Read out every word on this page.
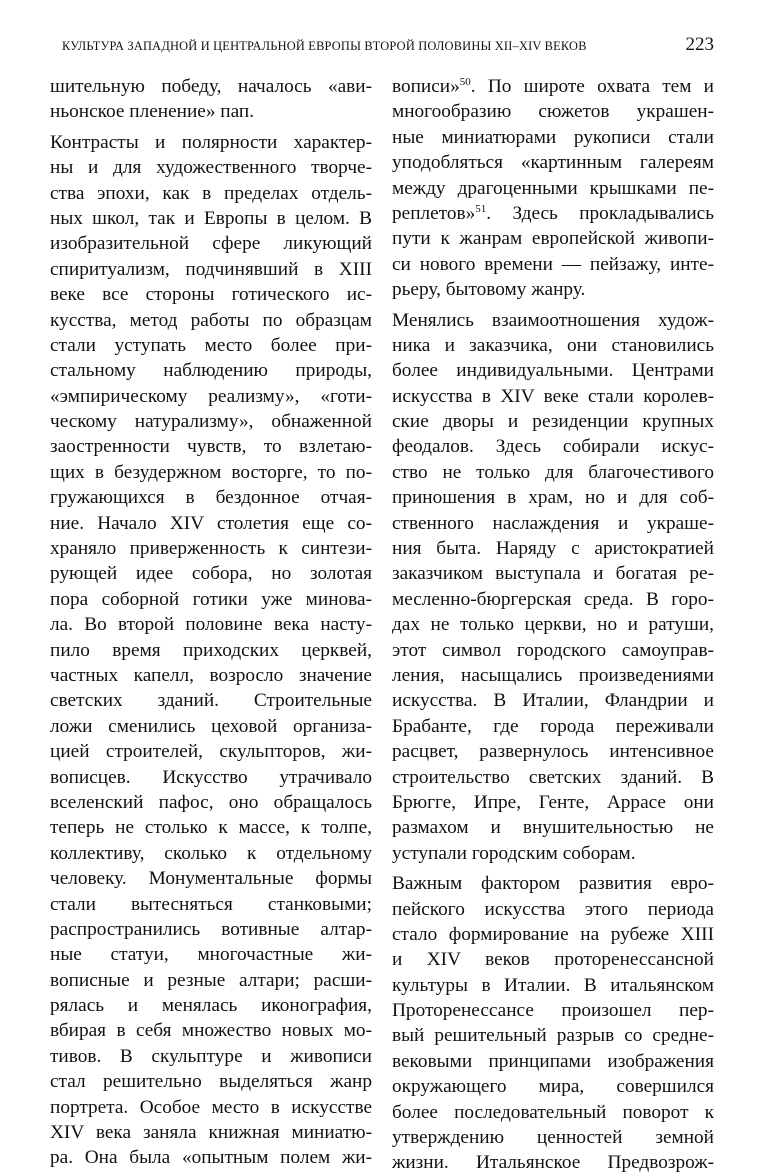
КУЛЬТУРА ЗАПАДНОЙ И ЦЕНТРАЛЬНОЙ ЕВРОПЫ ВТОРОЙ ПОЛОВИНЫ XII–XIV ВЕКОВ	223
шительную победу, началось «ави-
ньонское пленение» пап.
Контрасты и полярности характер-
ны и для художественного творче-
ства эпохи, как в пределах отдель-
ных школ, так и Европы в целом. В
изобразительной сфере ликующий
спиритуализм, подчинявший в XIII
веке все стороны готического ис-
кусства, метод работы по образцам
стали уступать место более при-
стальному наблюдению природы,
«эмпирическому реализму», «готи-
ческому натурализму», обнаженной
заостренности чувств, то взлетаю-
щих в безудержном восторге, то по-
гружающихся в бездонное отчая-
ние. Начало XIV столетия еще со-
храняло приверженность к синтези-
рующей идее собора, но золотая
пора соборной готики уже минова-
ла. Во второй половине века насту-
пило время приходских церквей,
частных капелл, возросло значение
светских зданий. Строительные
ложи сменились цеховой организа-
цией строителей, скульпторов, жи-
вописцев. Искусство утрачивало
вселенский пафос, оно обращалось
теперь не столько к массе, к толпе,
коллективу, сколько к отдельному
человеку. Монументальные формы
стали вытесняться станковыми;
распространились вотивные алтар-
ные статуи, многочастные жи-
вописные и резные алтари; расши-
рялась и менялась иконография,
вбирая в себя множество новых мо-
тивов. В скульптуре и живописи
стал решительно выделяться жанр
портрета. Особое место в искусстве
XIV века заняла книжная миниатю-
ра. Она была «опытным полем жи-
вописи»$^{50}$. По широте охвата тем и
многообразию сюжетов украшен-
ные миниатюрами рукописи стали
уподобляться «картинным галереям
между драгоценными крышками пе-
реплетов»$^{51}$. Здесь прокладывались
пути к жанрам европейской живопи-
си нового времени — пейзажу, инте-
рьеру, бытовому жанру.
Менялись взаимоотношения худож-
ника и заказчика, они становились
более индивидуальными. Центрами
искусства в XIV веке стали королев-
ские дворы и резиденции крупных
феодалов. Здесь собирали искус-
ство не только для благочестивого
приношения в храм, но и для соб-
ственного наслаждения и украше-
ния быта. Наряду с аристократией
заказчиком выступала и богатая ре-
месленно-бюргерская среда. В горо-
дах не только церкви, но и ратуши,
этот символ городского самоуправ-
ления, насыщались произведениями
искусства. В Италии, Фландрии и
Брабанте, где города переживали
расцвет, развернулось интенсивное
строительство светских зданий. В
Брюгге, Ипре, Генте, Аррасе они
размахом и внушительностью не
уступали городским соборам.
Важным фактором развития евро-
пейского искусства этого периода
стало формирование на рубеже XIII
и XIV веков проторенессансной
культуры в Италии. В итальянском
Проторенессансе произошел пер-
вый решительный разрыв со средне-
вековыми принципами изображения
окружающего мира, совершился
более последовательный поворот к
утверждению ценностей земной
жизни. Итальянское Предвозрож-
